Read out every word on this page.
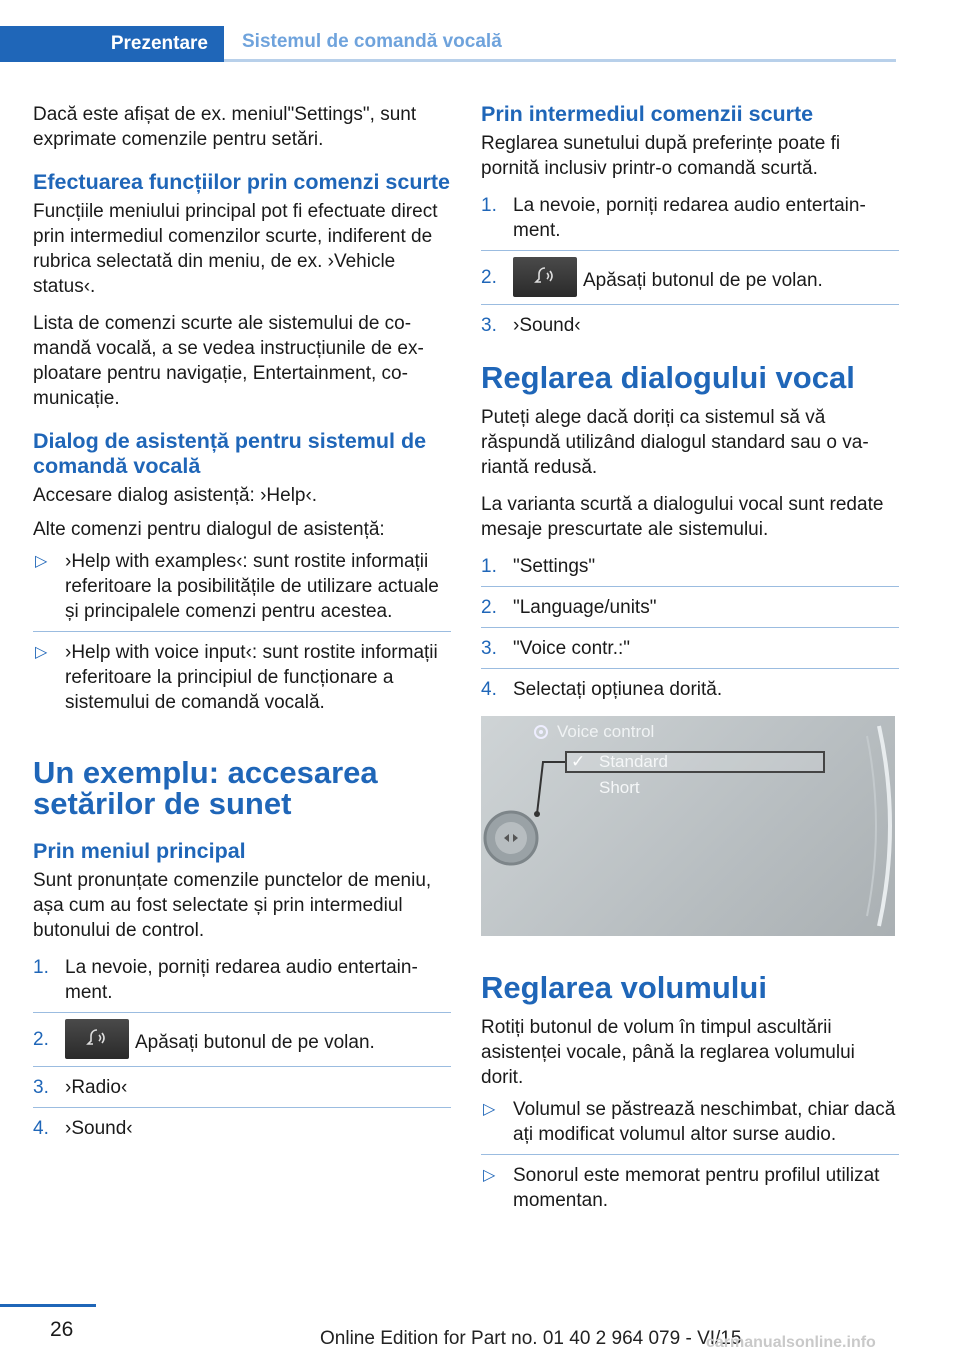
Prezentare Sistemul de comandă vocală

Dacă este afișat de ex. meniul"Settings", sunt exprimate comenzile pentru setări.

Efectuarea funcțiilor prin comenzi scurte

Funcțiile meniului principal pot fi efectuate direct prin intermediul comenzilor scurte, indiferent de rubrica selectată din meniu, de ex. ›Vehicle status‹.

Lista de comenzi scurte ale sistemului de comandă vocală, a se vedea instrucțiunile de exploatare pentru navigație, Entertainment, comunicație.

Dialog de asistență pentru sistemul de comandă vocală

Accesare dialog asistență: ›Help‹.

Alte comenzi pentru dialogul de asistență:

▷ ›Help with examples‹: sunt rostite informații referitoare la posibilitățile de utilizare actuale și principalele comenzi pentru acestea.
▷ ›Help with voice input‹: sunt rostite informații referitoare la principiul de funcționare a sistemului de comandă vocală.
Un exemplu: accesarea setărilor de sunet
Prin meniul principal

Sunt pronunțate comenzile punctelor de meniu, așa cum au fost selectate și prin intermediul butonului de control.

1. La nevoie, porniți redarea audio entertainment.
2.	Apăsați butonul de pe volan.
3. ›Radio‹
4. ›Sound‹
Prin intermediul comenzii scurte

Reglarea sunetului după preferințe poate fi pornită inclusiv printr-o comandă scurtă.

1. La nevoie, porniți redarea audio entertainment.
2.	Apăsați butonul de pe volan.
3. ›Sound‹
Reglarea dialogului vocal

Puteți alege dacă doriți ca sistemul să vă răspundă utilizând dialogul standard sau o variantă redusă.

La varianta scurtă a dialogului vocal sunt redate mesaje prescurtate ale sistemului.

1. "Settings"
2. "Language/units"
3. "Voice contr.:"
4. Selectați opțiunea dorită.
Voice control
✓ Standard
Short
Reglarea volumului

Rotiți butonul de volum în timpul ascultării asistenței vocale, până la reglarea volumului dorit.

▷ Volumul se păstrează neschimbat, chiar dacă ați modificat volumul altor surse audio.
▷ Sonorul este memorat pentru profilul utilizat momentan.
26	Online Edition for Part no. 01 40 2 964 079 - VI/15
carmanualsonline.info
